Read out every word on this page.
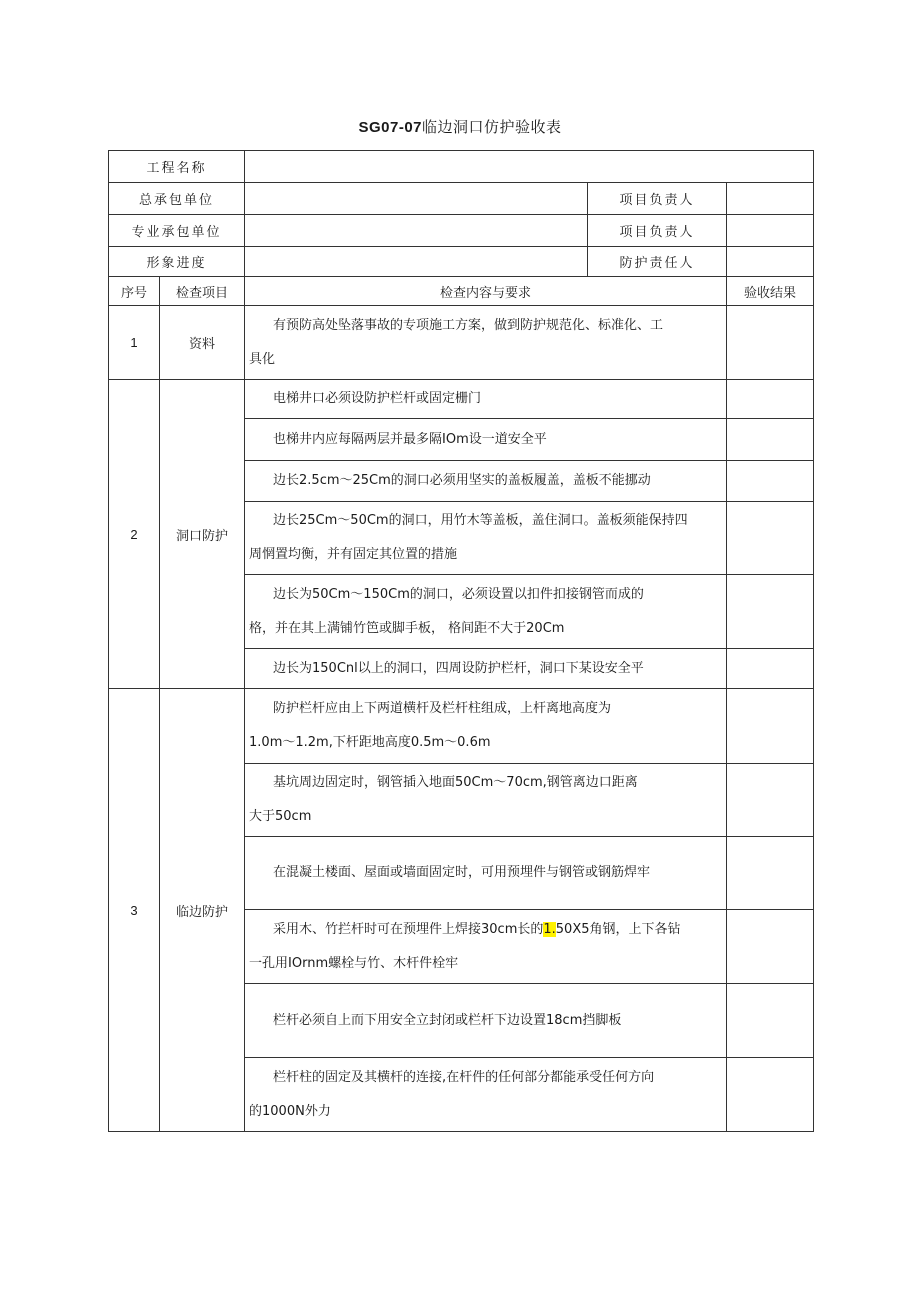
SG07-07临边洞口仿护验收表
工程名称				
总承包单位			项目负责人	
专业承包单位			项目负责人	
形象进度			防护责任人	
序号	检查项目	检查内容与要求		验收结果
1	资料	有预防高处坠落事故的专项施工方案，做到防护规范化、标准化、工
具化		

2	洞口防护	电梯井口必须设防护栏杆或固定栅门		
		也梯井内应每隔两层并最多隔IOm设一道安全平		
		边长2.5cm～25Cm的洞口必须用坚实的盖板履盖，盖板不能挪动		

		边长25Cm～50Cm的洞口，用竹木等盖板，盖住洞口。盖板须能保持四
周惘置均衡，并有固定其位置的措施		

		边长为50Cm～150Cm的洞口，必须设置以扣件扣接钢管而成的
格，并在其上满铺竹笆或脚手板， 格间距不大于20Cm		

		边长为150Cnl以上的洞口，四周设防护栏杆，洞口下某设安全平		
3	临边防护	防护栏杆应由上下两道横杆及栏杆柱组成，上杆离地高度为
1.0m～1.2m,下杆距地高度0.5m～0.6m		

		基坑周边固定时，钢管插入地面50Cm～70cm,钢管离边口距离
大于50cm		

		在混凝土楼面、屋面或墙面固定时，可用预埋件与钢管或钢筋焊牢		

		采用木、竹拦杆时可在预埋件上焊接30cm长的1.50X5角钢，上下各钻
一孔用IOrnm螺栓与竹、木杆件栓牢		

		栏杆必须自上而下用安全立封闭或栏杆下边设置18cm挡脚板		

		栏杆柱的固定及其横杆的连接,在杆件的任何部分都能承受任何方向
的1000N外力		
